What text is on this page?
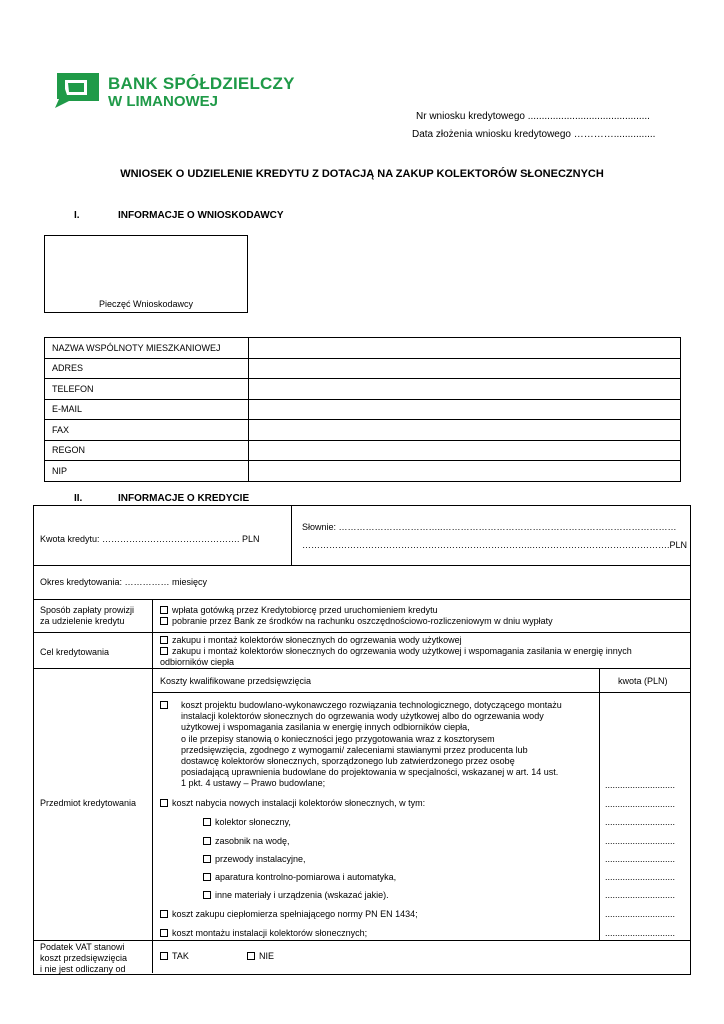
BANK SPÓŁDZIELCZY
W LIMANOWEJ
Nr wniosku kredytowego ............................................
Data złożenia wniosku kredytowego …………...............
WNIOSEK O UDZIELENIE KREDYTU Z DOTACJĄ NA ZAKUP KOLEKTORÓW SŁONECZNYCH
I.	INFORMACJE O WNIOSKODAWCY
Pieczęć Wnioskodawcy
NAZWA WSPÓLNOTY MIESZKANIOWEJ	
ADRES	
TELEFON	
E-MAIL	
FAX	
REGON	
NIP	
II.	INFORMACJE O KREDYCIE
Kwota kredytu: ………………………………………. PLN
Słownie: ……………………………..……………………………………………………………………
…………………………………………………………………..……………………………………….PLN
Okres kredytowania: …………… miesięcy
Sposób zapłaty prowizji
za udzielenie kredytu
wpłata gotówką przez Kredytobiorcę przed uruchomieniem kredytu
pobranie przez Bank ze środków na rachunku oszczędnościowo-rozliczeniowym w dniu wypłaty
Cel kredytowania
zakupu i montaż kolektorów słonecznych do ogrzewania wody użytkowej
zakupu i montaż kolektorów słonecznych do ogrzewania wody użytkowej i wspomagania zasilania w energię innych
odbiorników ciepła
Przedmiot kredytowania
Koszty kwalifikowane przedsięwzięcia	kwota (PLN)
koszt projektu budowlano-wykonawczego rozwiązania technologicznego, dotyczącego montażu
instalacji kolektorów słonecznych do ogrzewania wody użytkowej albo do ogrzewania wody
użytkowej i wspomagania zasilania w energię innych odbiorników ciepła,
o ile przepisy stanowią o konieczności jego przygotowania wraz z kosztorysem
przedsięwzięcia, zgodnego z wymogami/ zaleceniami stawianymi przez producenta lub
dostawcę kolektorów słonecznych, sporządzonego lub zatwierdzonego przez osobę
posiadającą uprawnienia budowlane do projektowania w specjalności, wskazanej w art. 14 ust.
1 pkt. 4 ustawy – Prawo budowlane;	............................
koszt nabycia nowych instalacji kolektorów słonecznych, w tym:	............................
kolektor słoneczny,	............................
zasobnik na wodę,	............................
przewody instalacyjne,	............................
aparatura kontrolno-pomiarowa i automatyka,	............................
inne materiały i urządzenia (wskazać jakie).	............................
koszt zakupu ciepłomierza spełniającego normy PN EN 1434;	............................
koszt montażu instalacji kolektorów słonecznych;	............................
Podatek VAT stanowi
koszt przedsięwzięcia
i nie jest odliczany od
TAK	NIE
